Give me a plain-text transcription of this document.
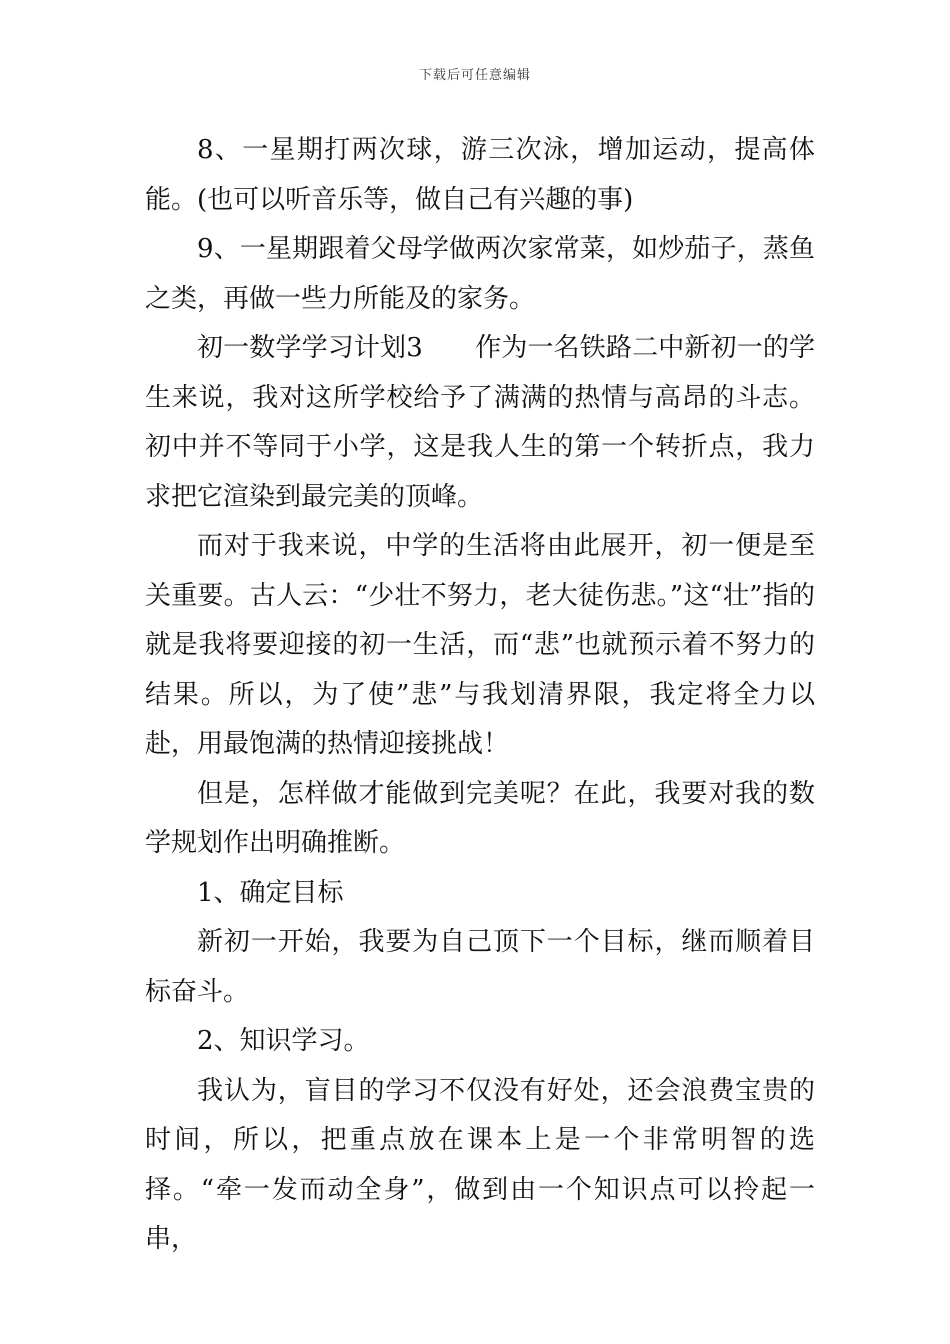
下载后可任意编辑

8、一星期打两次球，游三次泳，增加运动，提高体能。(也可以听音乐等，做自己有兴趣的事)

9、一星期跟着父母学做两次家常菜，如炒茄子，蒸鱼之类，再做一些力所能及的家务。

初一数学学习计划3　　作为一名铁路二中新初一的学生来说，我对这所学校给予了满满的热情与高昂的斗志。初中并不等同于小学，这是我人生的第一个转折点，我力求把它渲染到最完美的顶峰。

而对于我来说，中学的生活将由此展开，初一便是至关重要。古人云：“少壮不努力，老大徒伤悲。”这“壮”指的就是我将要迎接的初一生活，而“悲”也就预示着不努力的结果。所以，为了使”悲”与我划清界限，我定将全力以赴，用最饱满的热情迎接挑战！

但是，怎样做才能做到完美呢？在此，我要对我的数学规划作出明确推断。

1、确定目标

新初一开始，我要为自己顶下一个目标，继而顺着目标奋斗。

2、知识学习。

我认为，盲目的学习不仅没有好处，还会浪费宝贵的时间，所以，把重点放在课本上是一个非常明智的选择。“牵一发而动全身”，做到由一个知识点可以拎起一串，
